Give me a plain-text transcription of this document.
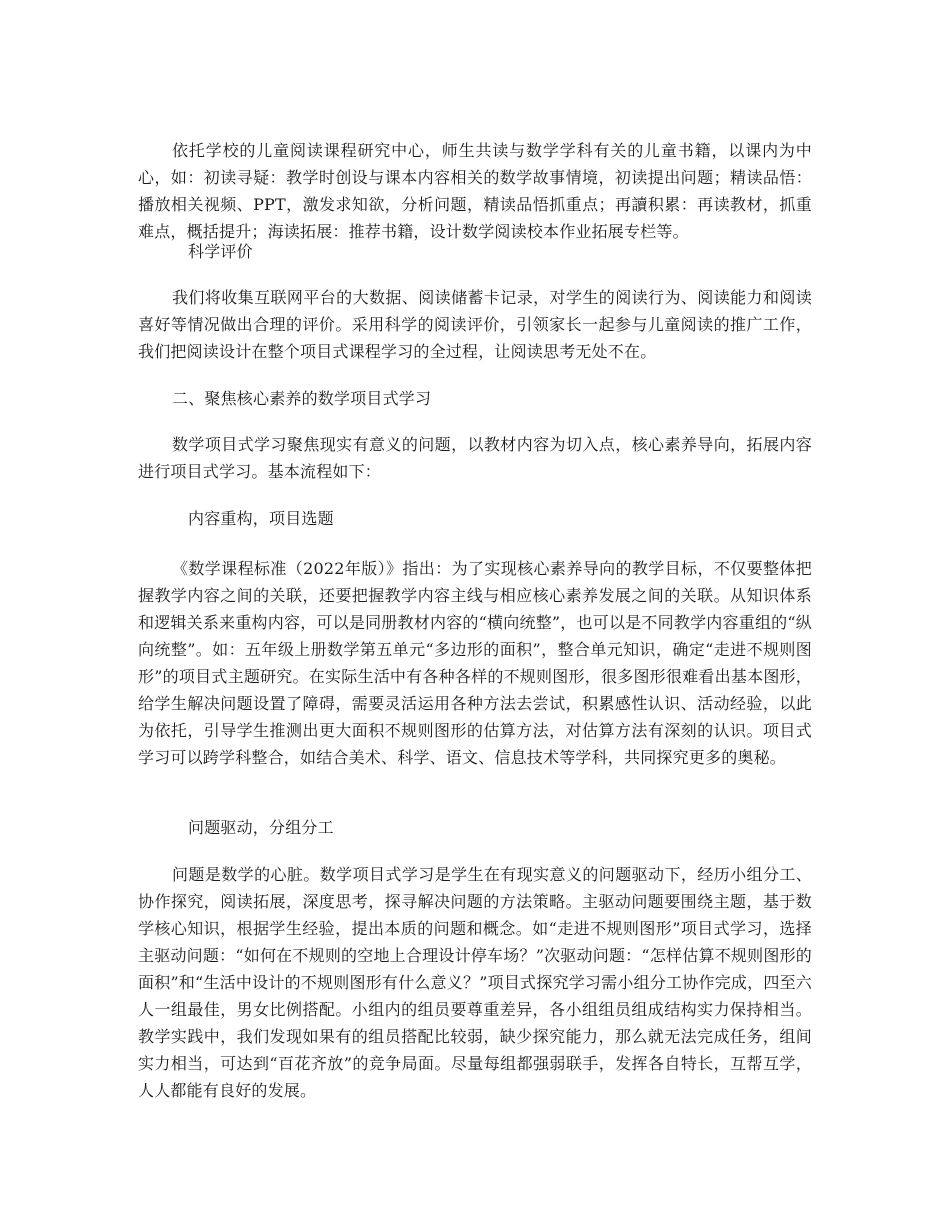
依托学校的儿童阅读课程研究中心，师生共读与数学学科有关的儿童书籍，以课内为中心，如：初读寻疑：教学时创设与课本内容相关的数学故事情境，初读提出问题；精读品悟：播放相关视频、PPT，激发求知欲，分析问题，精读品悟抓重点；再讀积累：再读教材，抓重难点，概括提升；海读拓展：推荐书籍，设计数学阅读校本作业拓展专栏等。

科学评价

我们将收集互联网平台的大数据、阅读储蓄卡记录，对学生的阅读行为、阅读能力和阅读喜好等情况做出合理的评价。采用科学的阅读评价，引领家长一起参与儿童阅读的推广工作，我们把阅读设计在整个项目式课程学习的全过程，让阅读思考无处不在。

二、聚焦核心素养的数学项目式学习

数学项目式学习聚焦现实有意义的问题，以教材内容为切入点，核心素养导向，拓展内容进行项目式学习。基本流程如下：

内容重构，项目选题

《数学课程标准（2022年版）》指出：为了实现核心素养导向的教学目标，不仅要整体把握教学内容之间的关联，还要把握教学内容主线与相应核心素养发展之间的关联。从知识体系和逻辑关系来重构内容，可以是同册教材内容的“横向统整”，也可以是不同教学内容重组的“纵向统整”。如：五年级上册数学第五单元“多边形的面积”，整合单元知识，确定“走进不规则图形”的项目式主题研究。在实际生活中有各种各样的不规则图形，很多图形很难看出基本图形，给学生解决问题设置了障碍，需要灵活运用各种方法去尝试，积累感性认识、活动经验，以此为依托，引导学生推测出更大面积不规则图形的估算方法，对估算方法有深刻的认识。项目式学习可以跨学科整合，如结合美术、科学、语文、信息技术等学科，共同探究更多的奥秘。

问题驱动，分组分工

问题是数学的心脏。数学项目式学习是学生在有现实意义的问题驱动下，经历小组分工、协作探究，阅读拓展，深度思考，探寻解决问题的方法策略。主驱动问题要围绕主题，基于数学核心知识，根据学生经验，提出本质的问题和概念。如“走进不规则图形”项目式学习，选择主驱动问题：“如何在不规则的空地上合理设计停车场？”次驱动问题：“怎样估算不规则图形的面积”和“生活中设计的不规则图形有什么意义？”项目式探究学习需小组分工协作完成，四至六人一组最佳，男女比例搭配。小组内的组员要尊重差异，各小组组员组成结构实力保持相当。教学实践中，我们发现如果有的组员搭配比较弱，缺少探究能力，那么就无法完成任务，组间实力相当，可达到“百花齐放”的竞争局面。尽量每组都强弱联手，发挥各自特长，互帮互学，人人都能有良好的发展。
